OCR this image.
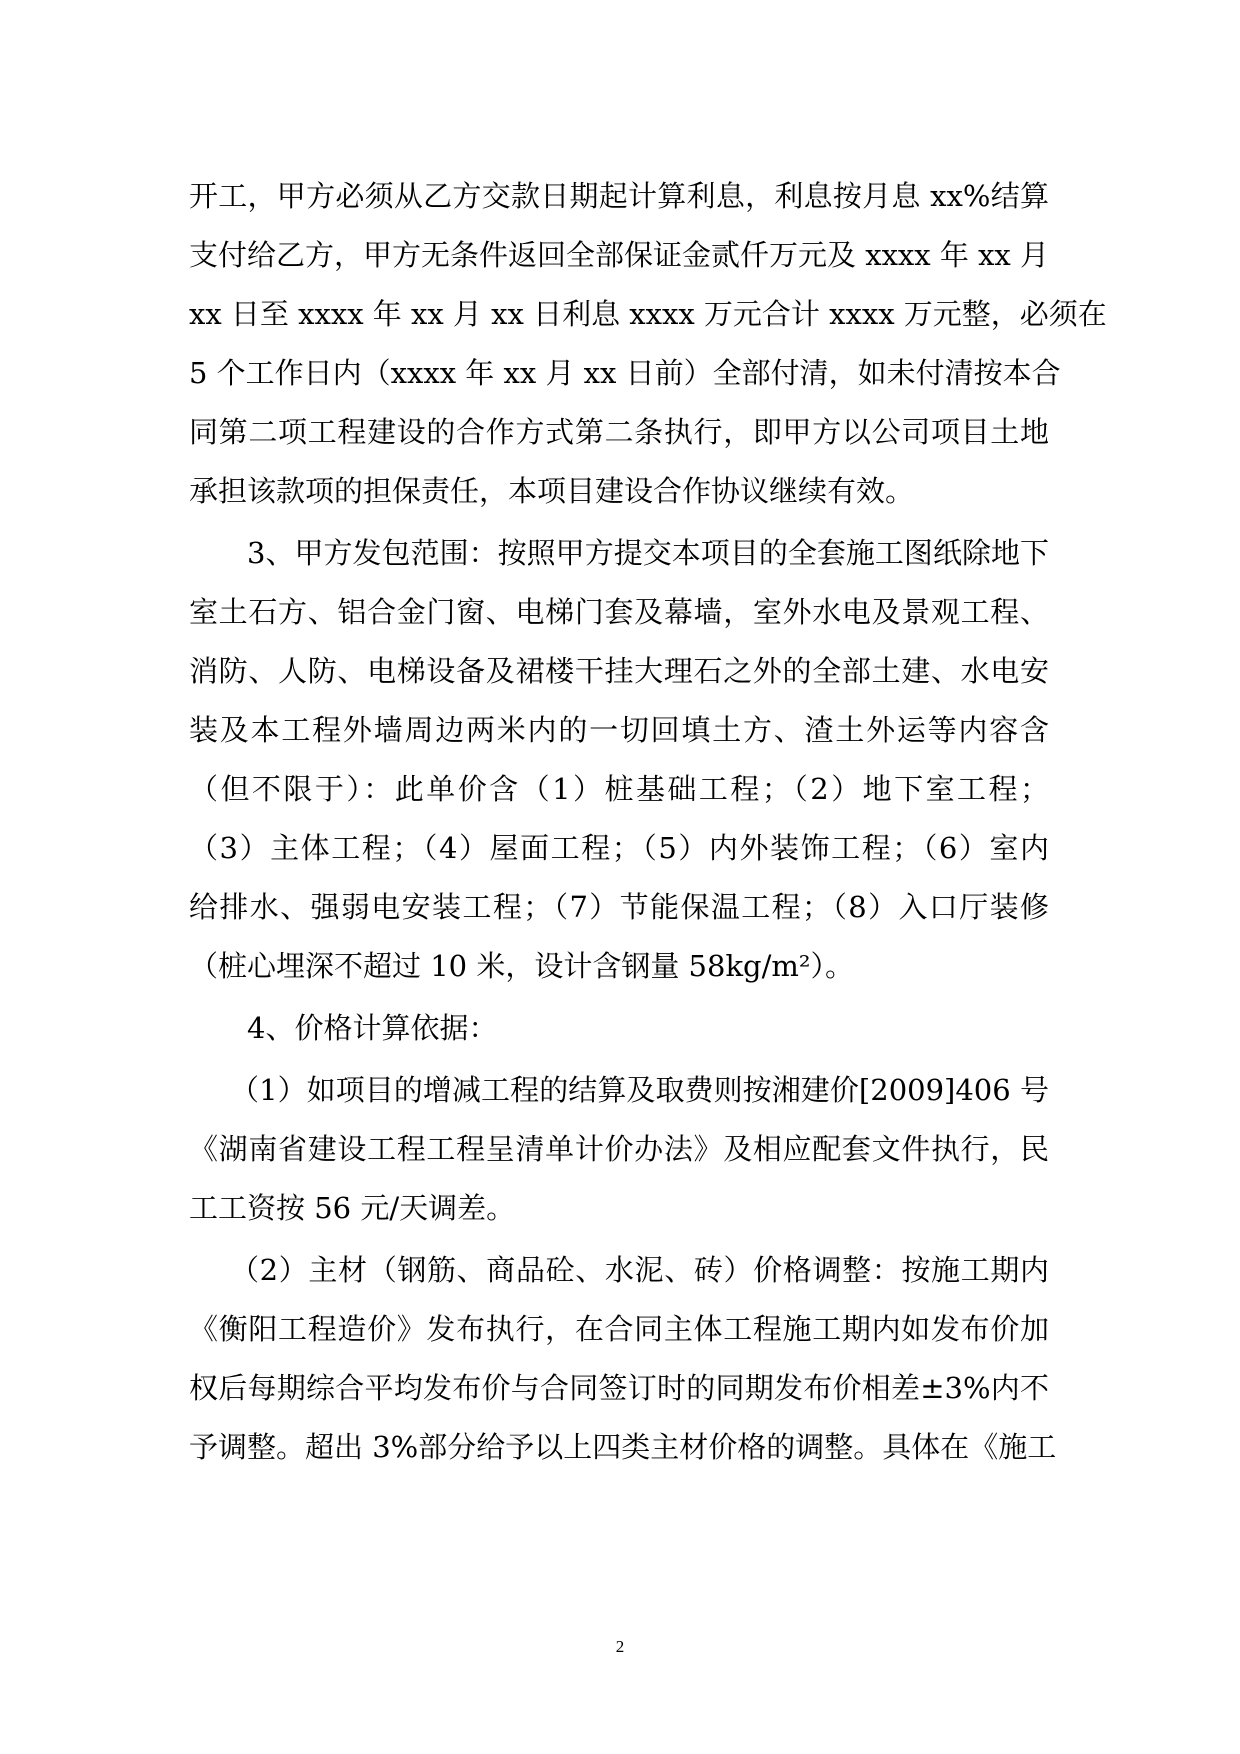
开工，甲方必须从乙方交款日期起计算利息，利息按月息 xx%结算
支付给乙方，甲方无条件返回全部保证金贰仟万元及 xxxx 年 xx 月
xx 日至 xxxx 年 xx 月 xx 日利息 xxxx 万元合计 xxxx 万元整，必须在
5 个工作日内（xxxx 年 xx 月 xx 日前）全部付清，如未付清按本合
同第二项工程建设的合作方式第二条执行，即甲方以公司项目土地
承担该款项的担保责任，本项目建设合作协议继续有效。
3、甲方发包范围：按照甲方提交本项目的全套施工图纸除地下
室土石方、铝合金门窗、电梯门套及幕墙，室外水电及景观工程、
消防、人防、电梯设备及裙楼干挂大理石之外的全部土建、水电安
装及本工程外墙周边两米内的一切回填土方、渣土外运等内容含
（但不限于）：此单价含（1）桩基础工程；（2）地下室工程；
（3）主体工程；（4）屋面工程；（5）内外装饰工程；（6）室内
给排水、强弱电安装工程；（7）节能保温工程；（8）入口厅装修
（桩心埋深不超过 10 米，设计含钢量 58kg/m²）。
4、价格计算依据：
（1）如项目的增减工程的结算及取费则按湘建价[2009]406 号
《湖南省建设工程工程呈清单计价办法》及相应配套文件执行，民
工工资按 56 元/天调差。
（2）主材（钢筋、商品砼、水泥、砖）价格调整：按施工期内
《衡阳工程造价》发布执行，在合同主体工程施工期内如发布价加
权后每期综合平均发布价与合同签订时的同期发布价相差±3%内不
予调整。超出 3%部分给予以上四类主材价格的调整。具体在《施工
2
